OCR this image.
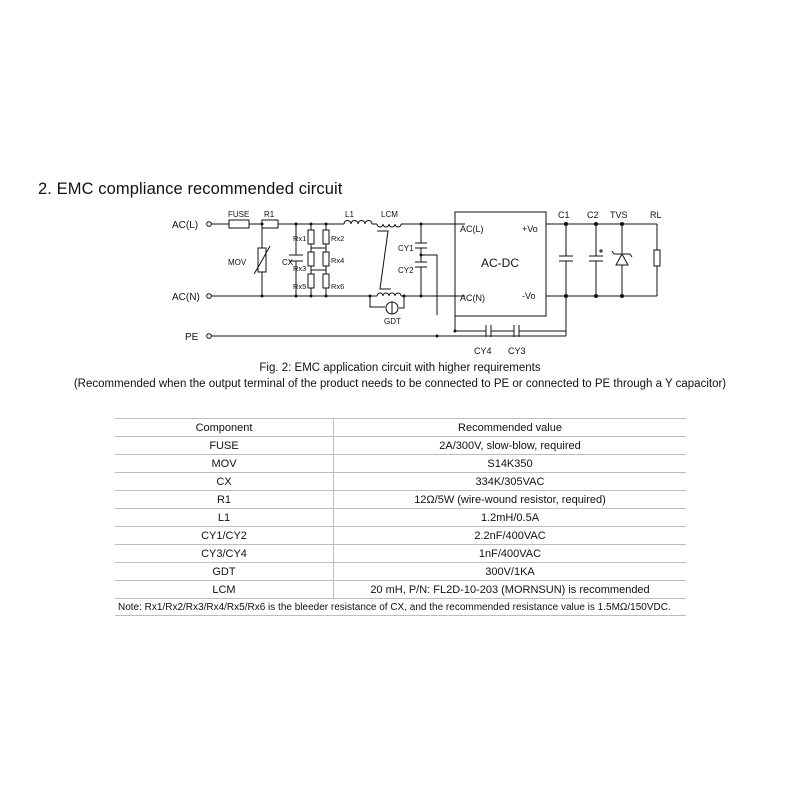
2. EMC compliance recommended circuit
AC(L)
AC(N)
PE
FUSE R1
MOV	CX
Rx1	Rx2
Rx3
Rx4
Rx5	Rx6
L1	LCM
CY1
CY2
GDT
AC(L)
AC(N)
AC-DC
+Vo
-Vo
C1 C2 TVS RL
CY4 CY3
Fig. 2: EMC application circuit with higher requirements
(Recommended when the output terminal of the product needs to be connected to PE or connected to PE through a Y capacitor)
Component	Recommended value
FUSE	2A/300V, slow-blow, required
MOV	S14K350
CX	334K/305VAC
R1	12Ω/5W (wire-wound resistor, required)
L1	1.2mH/0.5A
CY1/CY2	2.2nF/400VAC
CY3/CY4	1nF/400VAC
GDT	300V/1KA
LCM	20 mH, P/N: FL2D-10-203 (MORNSUN) is recommended
Note: Rx1/Rx2/Rx3/Rx4/Rx5/Rx6 is the bleeder resistance of CX, and the recommended resistance value is 1.5MΩ/150VDC.	
